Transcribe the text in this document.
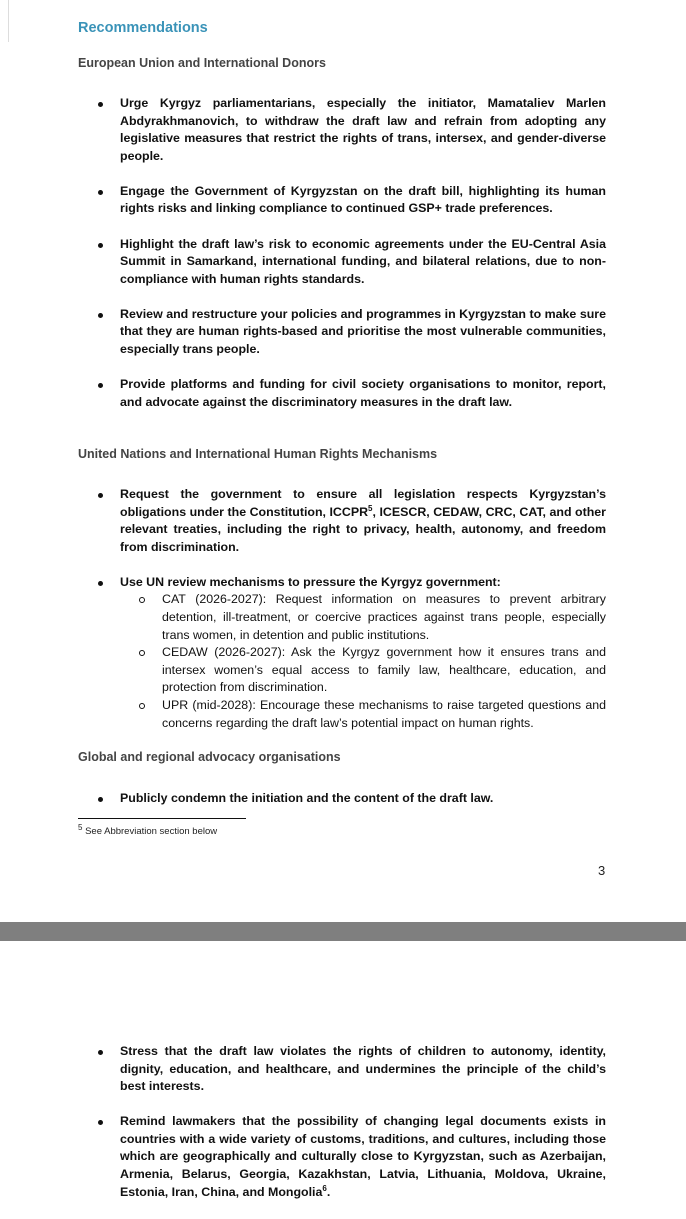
Recommendations
European Union and International Donors
Urge Kyrgyz parliamentarians, especially the initiator, Mamataliev Marlen Abdyrakhmanovich, to withdraw the draft law and refrain from adopting any legislative measures that restrict the rights of trans, intersex, and gender-diverse people.
Engage the Government of Kyrgyzstan on the draft bill, highlighting its human rights risks and linking compliance to continued GSP+ trade preferences.
Highlight the draft law’s risk to economic agreements under the EU-Central Asia Summit in Samarkand, international funding, and bilateral relations, due to non-compliance with human rights standards.
Review and restructure your policies and programmes in Kyrgyzstan to make sure that they are human rights-based and prioritise the most vulnerable communities, especially trans people.
Provide platforms and funding for civil society organisations to monitor, report, and advocate against the discriminatory measures in the draft law.
United Nations and International Human Rights Mechanisms
Request the government to ensure all legislation respects Kyrgyzstan’s obligations under the Constitution, ICCPR$^5$, ICESCR, CEDAW, CRC, CAT, and other relevant treaties, including the right to privacy, health, autonomy, and freedom from discrimination.
Use UN review mechanisms to pressure the Kyrgyz government:
CAT (2026-2027): Request information on measures to prevent arbitrary detention, ill-treatment, or coercive practices against trans people, especially trans women, in detention and public institutions.
CEDAW (2026-2027): Ask the Kyrgyz government how it ensures trans and intersex women’s equal access to family law, healthcare, education, and protection from discrimination.
UPR (mid-2028): Encourage these mechanisms to raise targeted questions and concerns regarding the draft law’s potential impact on human rights.
Global and regional advocacy organisations
Publicly condemn the initiation and the content of the draft law.
$^5$ See Abbreviation section below
3
Stress that the draft law violates the rights of children to autonomy, identity, dignity, education, and healthcare, and undermines the principle of the child’s best interests.
Remind lawmakers that the possibility of changing legal documents exists in countries with a wide variety of customs, traditions, and cultures, including those which are geographically and culturally close to Kyrgyzstan, such as Azerbaijan, Armenia, Belarus, Georgia, Kazakhstan, Latvia, Lithuania, Moldova, Ukraine, Estonia, Iran, China, and Mongolia$^6$.
